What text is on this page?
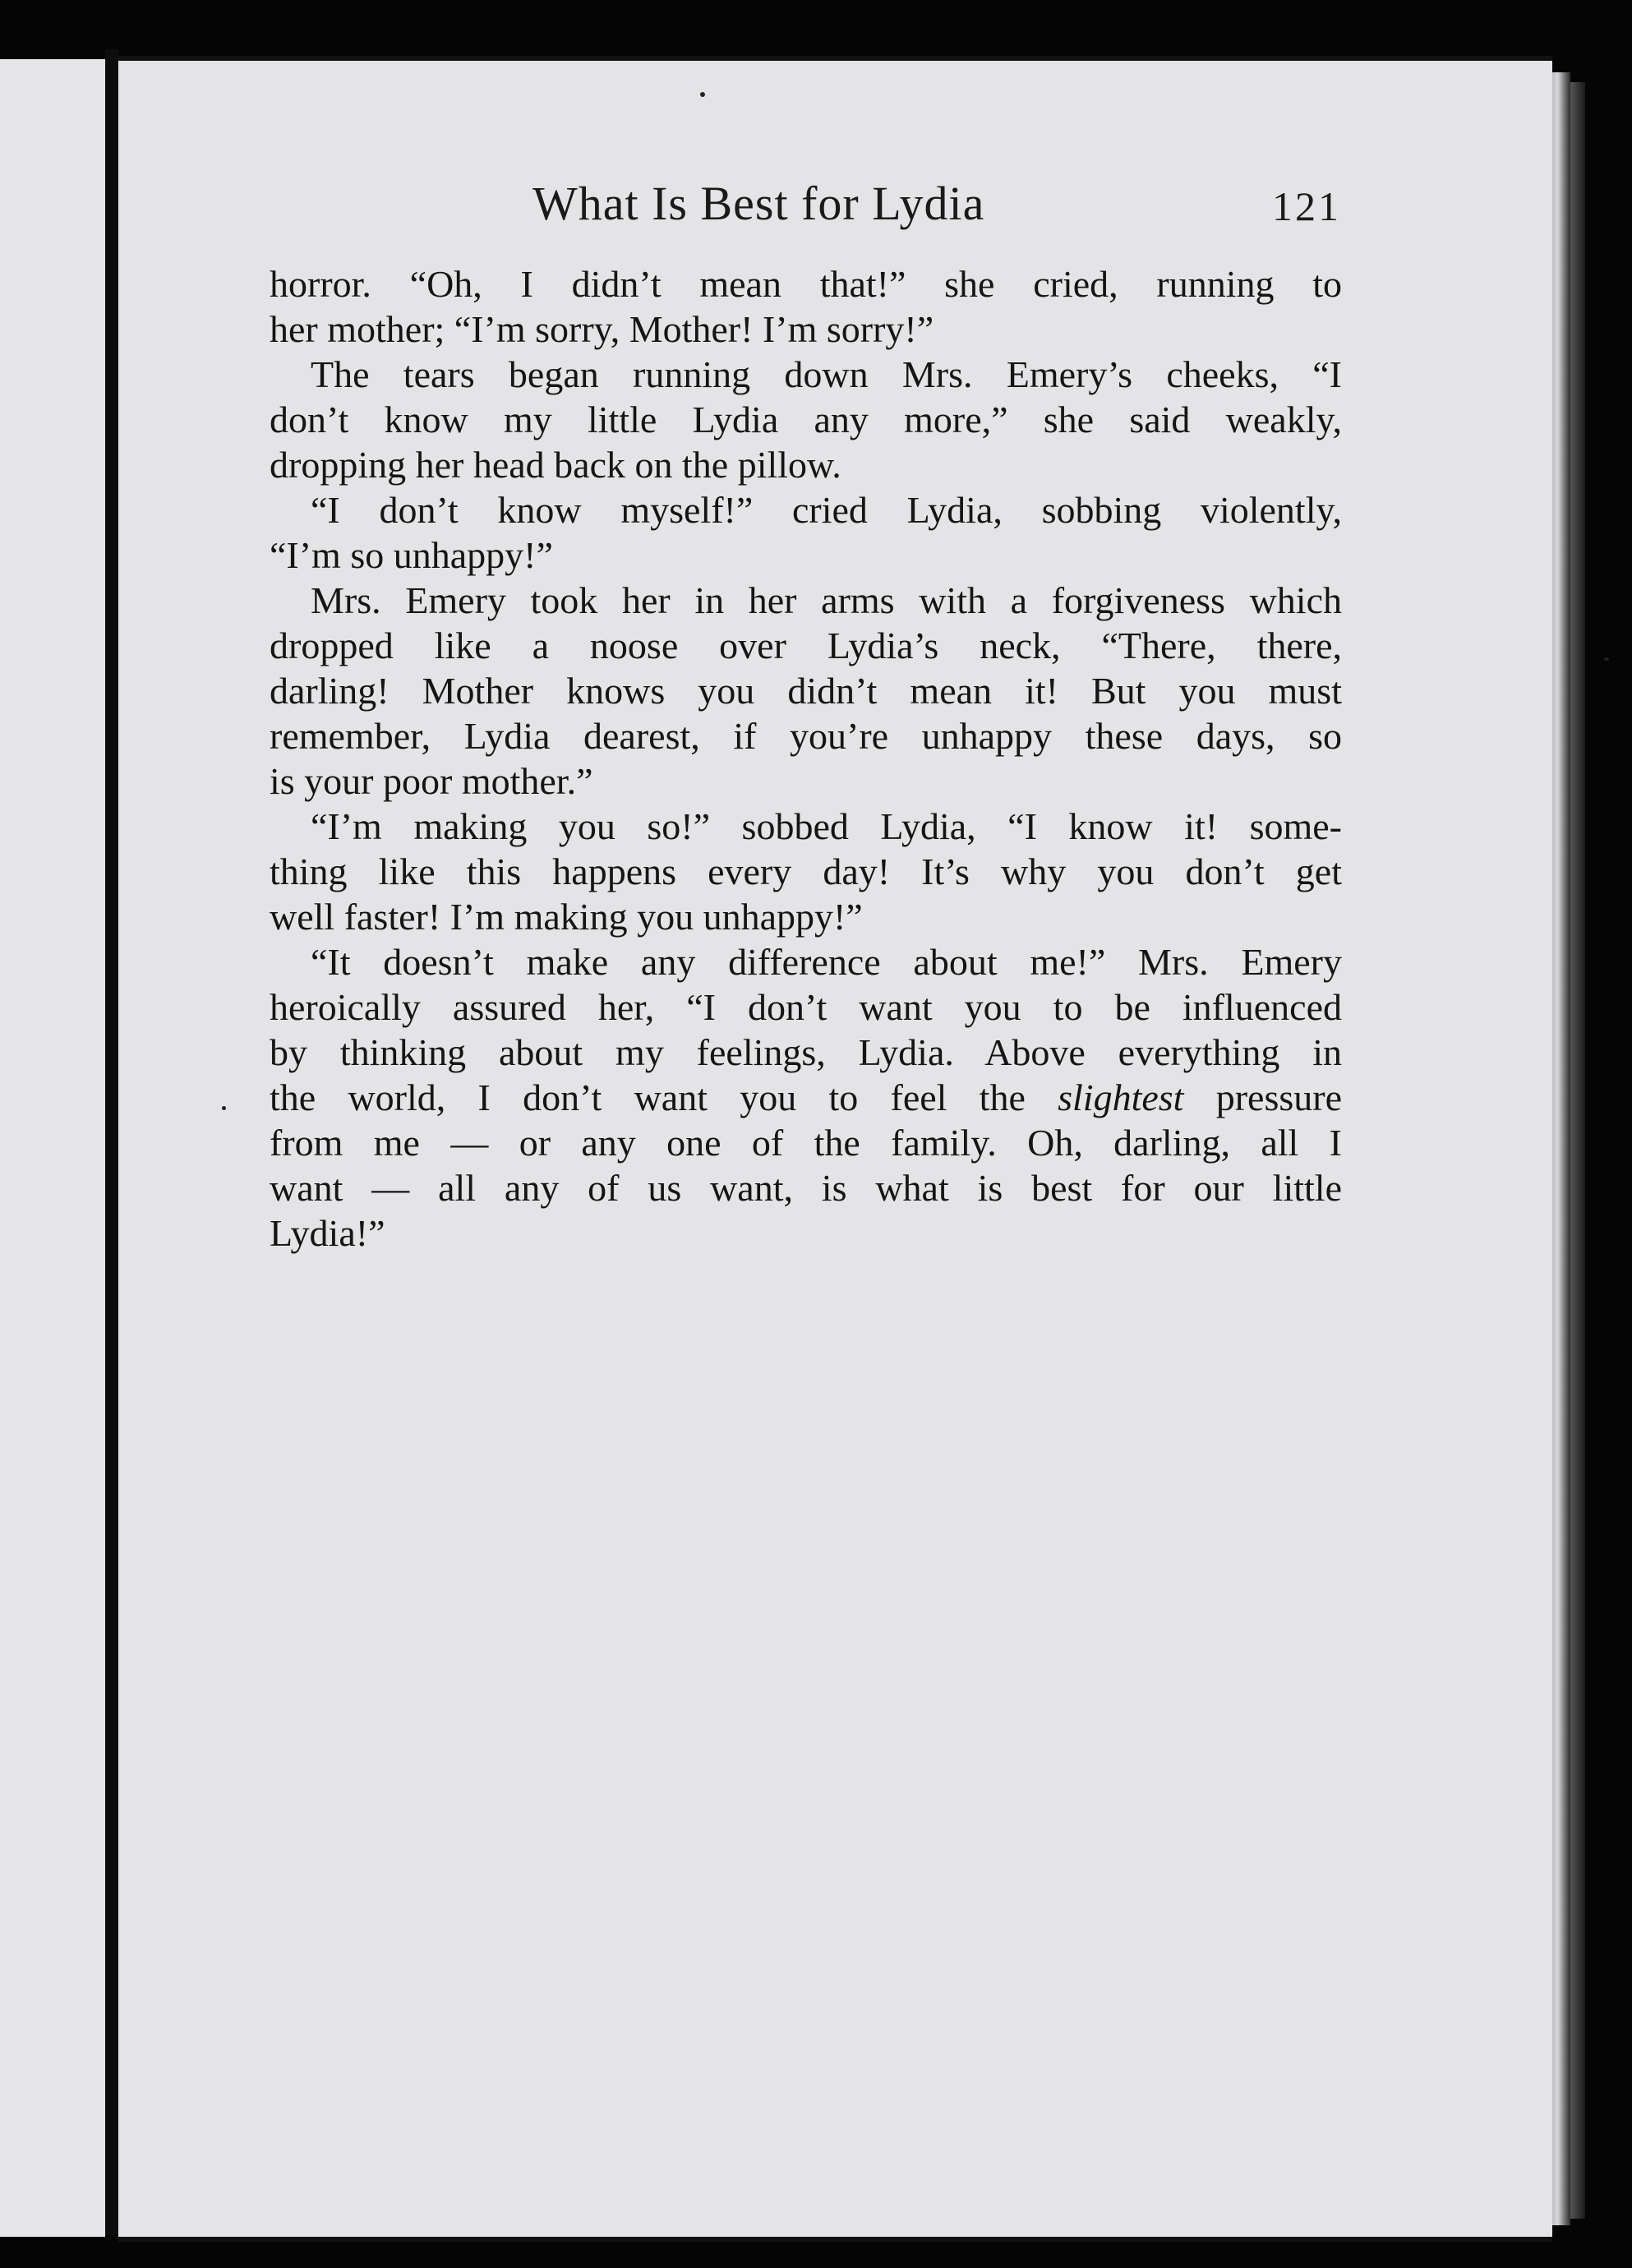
What Is Best for Lydia	121
horror. “Oh, I didn’t mean that!” she cried, running to
her mother; “I’m sorry, Mother! I’m sorry!”
The tears began running down Mrs. Emery’s cheeks, “I
don’t know my little Lydia any more,” she said weakly,
dropping her head back on the pillow.
“I don’t know myself!” cried Lydia, sobbing violently,
“I’m so unhappy!”
Mrs. Emery took her in her arms with a forgiveness which
dropped like a noose over Lydia’s neck, “There, there,
darling! Mother knows you didn’t mean it! But you must
remember, Lydia dearest, if you’re unhappy these days, so
is your poor mother.”
“I’m making you so!” sobbed Lydia, “I know it! some-
thing like this happens every day! It’s why you don’t get
well faster! I’m making you unhappy!”
“It doesn’t make any difference about me!” Mrs. Emery
heroically assured her, “I don’t want you to be influenced
by thinking about my feelings, Lydia. Above everything in
the world, I don’t want you to feel the slightest pressure
from me — or any one of the family. Oh, darling, all I
want — all any of us want, is what is best for our little
Lydia!”
